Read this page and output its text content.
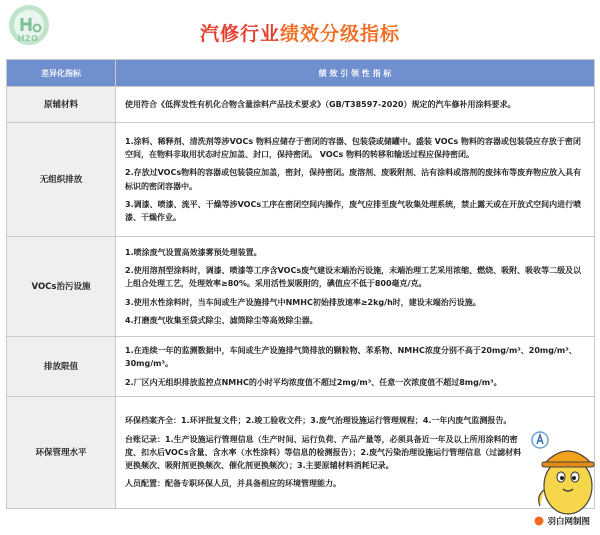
H2O	汽修行业绩效分级指标
差异化指标	绩 效 引 领 性 指 标
原辅材料	使用符合《低挥发性有机化合物含量涂料产品技术要求》（GB/T38597-2020）规定的汽车修补用涂料要求。

无组织排放	1.涂料、稀释剂、清洗剂等涉VOCs 物料应储存于密闭的容器、包装袋或储罐中。盛装 VOCs 物料的容器或包装袋应存放于密闭空间，在物料非取用状态时应加盖、封口，保持密闭。 VOCs 物料的转移和输送过程应保持密闭。

2.存放过VOCs物料的容器或包装袋应加盖，密封，保持密闭。废溶剂、废吸附剂、沾有涂料或溶剂的废抹布等废弃物应放入具有标识的密闭容器中。

3.调漆、喷漆、流平、干燥等涉VOCs工序在密闭空间内操作，废气应排至废气收集处理系统，禁止露天或在开放式空间内进行喷漆、干燥作业。

VOCs治污设施	1.喷涂废气设置高效漆雾预处理装置。

2.使用溶剂型涂料时，调漆、喷漆等工序含VOCs废气建设末端治污设施，末端治理工艺采用浓缩、燃烧、吸附、吸收等二级及以上组合处理工艺，处理效率≥80%。采用活性炭吸附的，碘值应不低于800毫克/克。

3.使用水性涂料时，当车间或生产设施排气中NMHC初始排放速率≥2kg/h时，建设末端治污设施。

4.打磨废气收集至袋式除尘、滤筒除尘等高效除尘器。

排放限值	1.在连续一年的监测数据中，车间或生产设施排气筒排放的颗粒物、苯系物、NMHC浓度分别不高于20mg/m³、20mg/m³、30mg/m³。

2.厂区内无组织排放监控点NMHC的小时平均浓度值不超过2mg/m³、任意一次浓度值不超过8mg/m³。

环保管理水平	环保档案齐全：1.环评批复文件；2.竣工验收文件；3.废气治理设施运行管理规程；4.一年内废气监测报告。

台账记录：1.生产设施运行管理信息（生产时间、运行负荷、产品产量等，必须具备近一年及以上所用涂料的密度、扣水后VOCs含量、含水率（水性涂料）等信息的检测报告）；2.废气污染治理设施运行管理信息（过滤材料更换频次、吸附剂更换频次、催化剂更换频次）；3.主要原辅材料消耗记录。

人员配置：配备专职环保人员，并具备相应的环境管理能力。

羽白网制图
